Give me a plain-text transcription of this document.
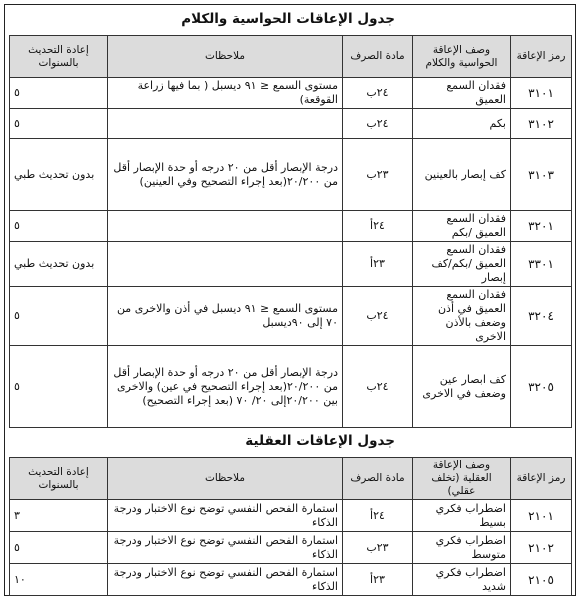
جدول الإعاقات الحواسية والكلام
رمز الإعاقة	وصف الإعاقة الحواسية والكلام	مادة الصرف	ملاحظات	إعادة التحديث بالسنوات
٣١٠١	فقدان السمع العميق	٢٤ب	مستوى السمع ≤ ٩١ ديسبل ( بما فيها زراعة القوقعة)	٥
٣١٠٢	بكم	٢٤ب		٥
٣١٠٣	كف إبصار بالعينين	٢٣ب	درجة الإبصار أقل من ٢٠ درجه أو حدة الإبصار أقل من ٢٠/٢٠٠(بعد إجراء التصحيح وفي العينين)	بدون تحديث طبي
٣٢٠١	فقدان السمع العميق /بكم	٢٤أ		٥
٣٣٠١	فقدان السمع العميق /بكم/كف إبصار	٢٣أ		بدون تحديث طبي
٣٢٠٤	فقدان السمع العميق في أذن وضعف بالأذن الاخرى	٢٤ب	مستوى السمع ≤ ٩١ ديسبل في أذن والاخرى من ٧٠ إلى ٩٠ديسبل	٥
٣٢٠٥	كف ابصار عين وضعف في الاخرى	٢٤ب	درجة الإبصار أقل من ٢٠ درجه أو حدة الإبصار أقل من ٢٠/٢٠٠(بعد إجراء التصحيح في عين) والاخرى بين ٢٠/٢٠٠إلى ٢٠/ ٧٠ (بعد إجراء التصحيح)	٥
جدول الإعاقات العقلية
رمز الإعاقة	وصف الإعاقة العقلية (تخلف عقلي)	مادة الصرف	ملاحظات	إعادة التحديث بالسنوات
٢١٠١	اضطراب فكري بسيط	٢٤أ	استمارة الفحص النفسي توضح نوع الاختبار ودرجة الذكاء	٣
٢١٠٢	اضطراب فكري متوسط	٢٣ب	استمارة الفحص النفسي توضح نوع الاختبار ودرجة الذكاء	٥
٢١٠٥	اضطراب فكري شديد	٢٣أ	استمارة الفحص النفسي توضح نوع الاختبار ودرجة الذكاء	١٠
